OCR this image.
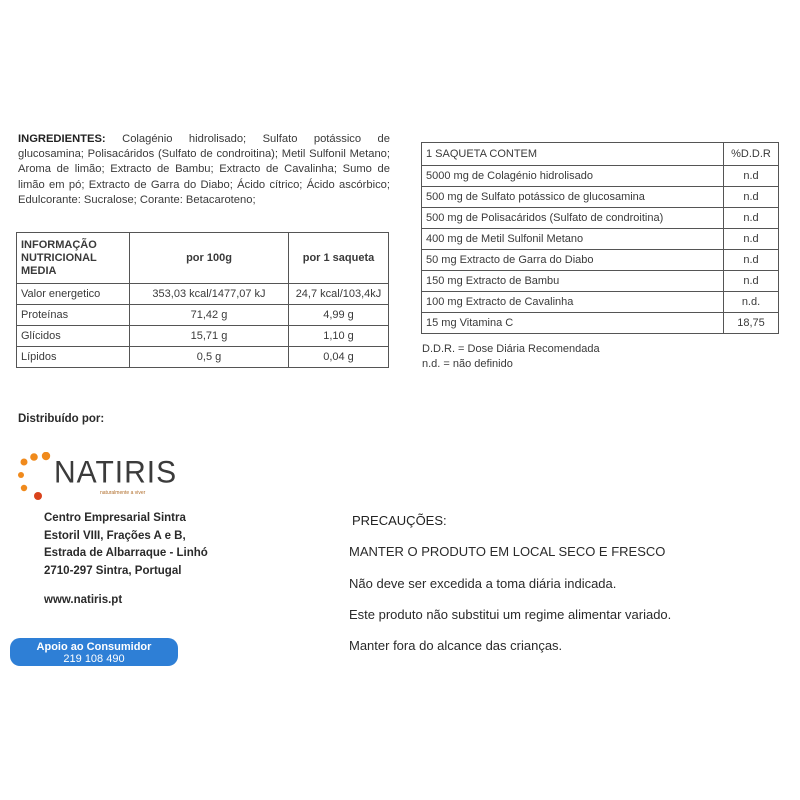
INGREDIENTES: Colagénio hidrolisado; Sulfato potássico de glucosamina; Polisacáridos (Sulfato de condroitina); Metil Sulfonil Metano; Aroma de limão; Extracto de Bambu; Extracto de Cavalinha; Sumo de limão em pó; Extracto de Garra do Diabo; Ácido cítrico; Ácido ascórbico; Edulcorante: Sucralose; Corante: Betacaroteno;
INFORMAÇÃO NUTRICIONAL MEDIA	por 100g	por 1 saqueta
Valor energetico	353,03 kcal/1477,07 kJ	24,7 kcal/103,4kJ
Proteínas	71,42 g	4,99 g
Glícidos	15,71 g	1,10 g
Lípidos	0,5 g	0,04 g
1 SAQUETA CONTEM	%D.D.R
5000 mg de Colagénio hidrolisado	n.d
500 mg de Sulfato potássico de glucosamina	n.d
500 mg de Polisacáridos (Sulfato de condroitina)	n.d
400 mg de Metil Sulfonil Metano	n.d
50 mg Extracto de Garra do Diabo	n.d
150 mg Extracto de Bambu	n.d
100 mg Extracto de Cavalinha	n.d.
15 mg Vitamina C	18,75
D.D.R. = Dose Diária Recomendada
n.d. = não definido
Distribuído por:
NATIRIS
naturalmente a viver
Centro Empresarial Sintra
Estoril VIII, Frações A e B,
Estrada de Albarraque - Linhó
2710-297 Sintra, Portugal
www.natiris.pt
Apoio ao Consumidor
219 108 490
PRECAUÇÕES:
MANTER O PRODUTO EM LOCAL SECO E FRESCO
Não deve ser excedida a toma diária indicada.
Este produto não substitui um regime alimentar variado.
Manter fora do alcance das crianças.
